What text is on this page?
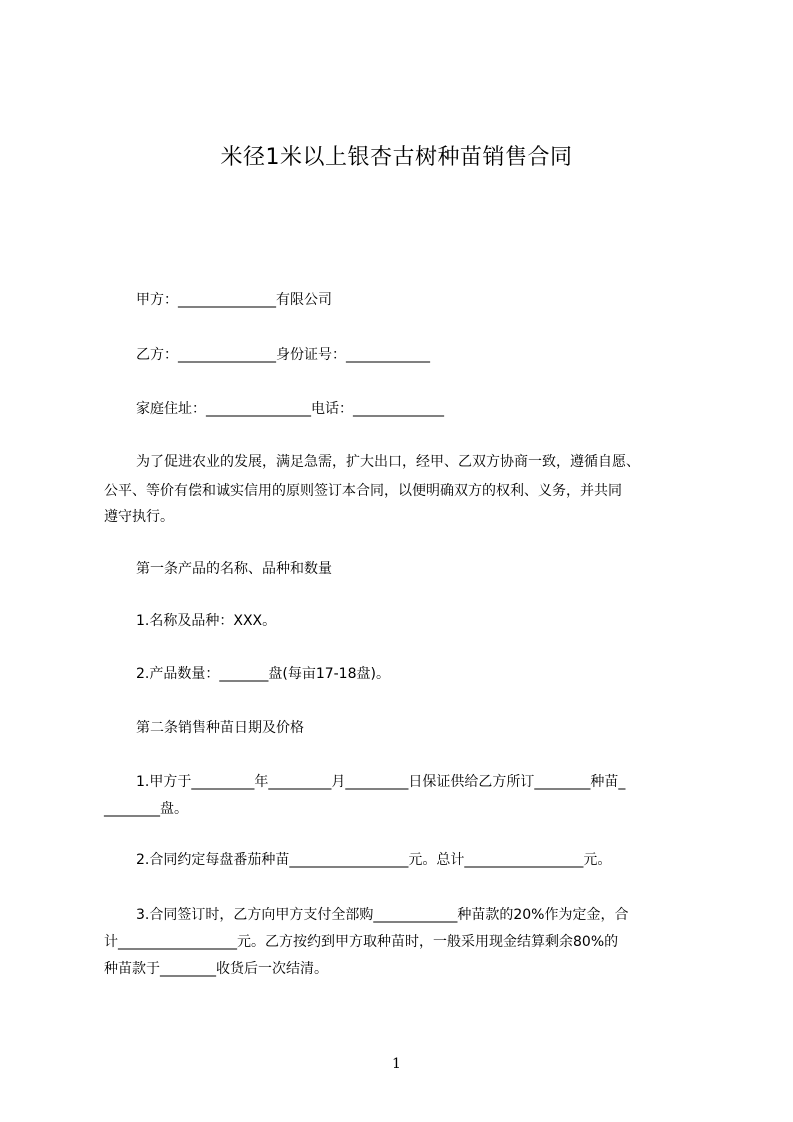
米径1米以上银杏古树种苗销售合同

甲方：______________有限公司

乙方：______________身份证号：____________

家庭住址：_______________电话：_____________

为了促进农业的发展，满足急需，扩大出口，经甲、乙双方协商一致，遵循自愿、

公平、等价有偿和诚实信用的原则签订本合同，以便明确双方的权利、义务，并共同

遵守执行。

第一条产品的名称、品种和数量

1.名称及品种：XXX。

2.产品数量：_______盘(每亩17-18盘)。

第二条销售种苗日期及价格

1.甲方于_________年_________月_________日保证供给乙方所订________种苗_

________盘。

2.合同约定每盘番茄种苗_________________元。总计_________________元。

3.合同签订时，乙方向甲方支付全部购____________种苗款的20%作为定金，合

计_________________元。乙方按约到甲方取种苗时，一般采用现金结算剩余80%的

种苗款于________收货后一次结清。

1
